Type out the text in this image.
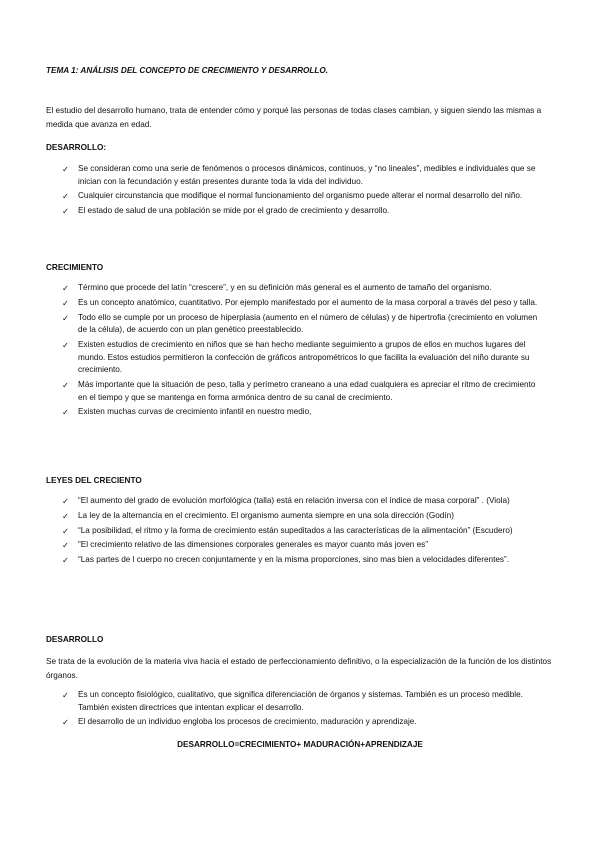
TEMA 1: ANÁLISIS DEL CONCEPTO DE CRECIMIENTO Y DESARROLLO.
El estudio del desarrollo humano, trata de entender cómo y porqué las personas de todas clases cambian, y siguen siendo las mismas a medida que avanza en edad.
DESARROLLO:
✓ Se consideran como una serie de fenómenos o procesos dinámicos, continuos, y “no lineales”, medibles e individuales que se inician con la fecundación y están presentes durante toda la vida del individuo.
✓ Cualquier circunstancia que modifique el normal funcionamiento del organismo puede alterar el normal desarrollo del niño.
✓ El estado de salud de una población se mide por el grado de crecimiento y desarrollo.
CRECIMIENTO
✓ Término que procede del latín “crescere”, y en su definición más general es el aumento de tamaño del organismo.
✓ Es un concepto anatómico, cuantitativo. Por ejemplo manifestado por el aumento de la masa corporal a través del peso y talla.
✓ Todo ello se cumple por un proceso de hiperplasia (aumento en el número de células) y de hipertrofia (crecimiento en volumen de la célula), de acuerdo con un plan genético preestablecido.
✓ Existen estudios de crecimiento en niños que se han hecho mediante seguimiento a grupos de ellos en muchos lugares del mundo. Estos estudios permitieron la confección de gráficos antropométricos lo que facilita la evaluación del niño durante su crecimiento.
✓ Más importante que la situación de peso, talla y perímetro craneano a una edad cualquiera es apreciar el ritmo de crecimiento en el tiempo y que se mantenga en forma armónica dentro de su canal de crecimiento.
✓ Existen muchas curvas de crecimiento infantil en nuestro medio,
LEYES DEL CRECIENTO
✓ “El aumento del grado de evolución morfológica (talla) está en relación inversa con el índice de masa corporal” . (Viola)
✓ La ley de la alternancia en el crecimiento. El organismo aumenta siempre en una sola dirección (Godín)
✓ “La posibilidad, el ritmo y la forma de crecimiento están supeditados a las características de la alimentación” (Escudero)
✓ ”El crecimiento relativo de las dimensiones corporales generales es mayor cuanto más joven es”
✓ “Las partes de l cuerpo no crecen conjuntamente y en la misma proporciones, sino mas bien a velocidades diferentes”.
DESARROLLO
Se trata de la evolución de la materia viva hacia el estado de perfeccionamiento definitivo, o la especialización de la función de los distintos órganos.
✓ Es un concepto fisiológico, cualitativo, que significa diferenciación de órganos y sistemas. También es un proceso medible. También existen directrices que intentan explicar el desarrollo.
✓ El desarrollo de un individuo engloba los procesos de crecimiento, maduración y aprendizaje.
DESARROLLO=CRECIMIENTO+ MADURACIÓN+APRENDIZAJE
